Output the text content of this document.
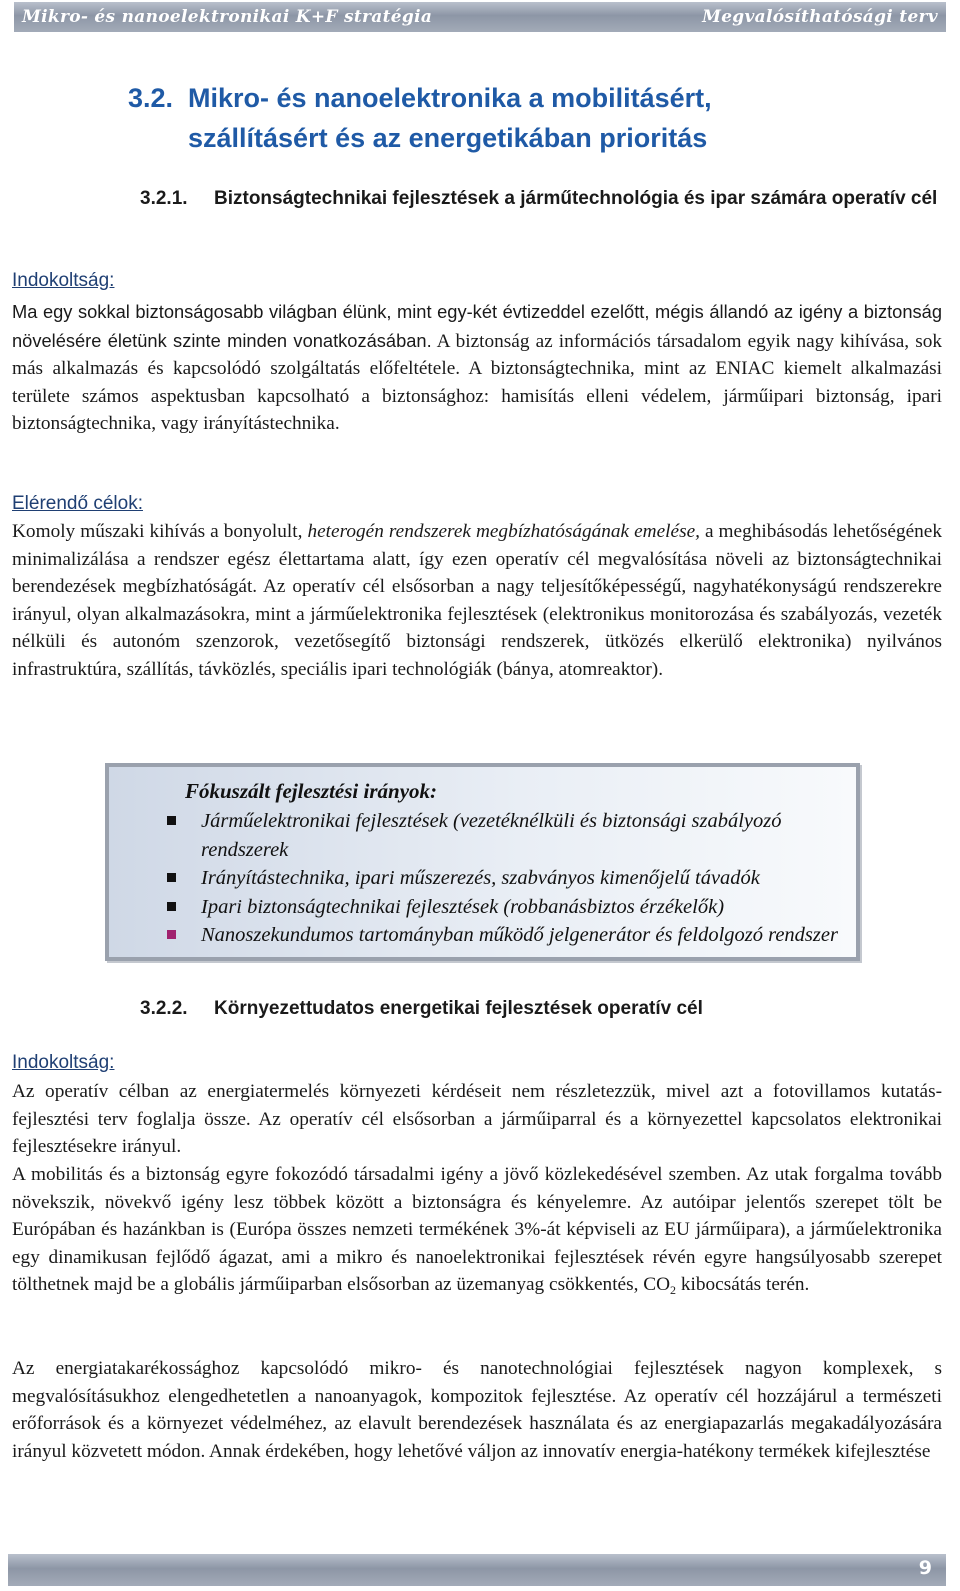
Mikro- és nanoelektronikai K+F stratégia	Megvalósíthatósági terv
3.2. Mikro- és nanoelektronika a mobilitásért,
szállításért és az energetikában prioritás
3.2.1. Biztonságtechnikai fejlesztések a járműtechnológia és ipar számára operatív cél
Indokoltság:

Ma egy sokkal biztonságosabb világban élünk, mint egy-két évtizeddel ezelőtt, mégis állandó az igény a biztonság növelésére életünk szinte minden vonatkozásában. A biztonság az információs társadalom egyik nagy kihívása, sok más alkalmazás és kapcsolódó szolgáltatás előfeltétele. A biztonságtechnika, mint az ENIAC kiemelt alkalmazási területe számos aspektusban kapcsolható a biztonsághoz: hamisítás elleni védelem, járműipari biztonság, ipari biztonságtechnika, vagy irányítástechnika.

Elérendő célok:

Komoly műszaki kihívás a bonyolult, heterogén rendszerek megbízhatóságának emelése, a meghibásodás lehetőségének minimalizálása a rendszer egész élettartama alatt, így ezen operatív cél megvalósítása növeli az biztonságtechnikai berendezések megbízhatóságát. Az operatív cél elsősorban a nagy teljesítőképességű, nagyhatékonyságú rendszerekre irányul, olyan alkalmazásokra, mint a járműelektronika fejlesztések (elektronikus monitorozása és szabályozás, vezeték nélküli és autonóm szenzorok, vezetősegítő biztonsági rendszerek, ütközés elkerülő elektronika) nyilvános infrastruktúra, szállítás, távközlés, speciális ipari technológiák (bánya, atomreaktor).

Fókuszált fejlesztési irányok:
Járműelektronikai fejlesztések (vezetéknélküli és biztonsági szabályozó rendszerek
Irányítástechnika, ipari műszerezés, szabványos kimenőjelű távadók
Ipari biztonságtechnikai fejlesztések (robbanásbiztos érzékelők)
Nanoszekundumos tartományban működő jelgenerátor és feldolgozó rendszer
3.2.2. Környezettudatos energetikai fejlesztések operatív cél
Indokoltság:

Az operatív célban az energiatermelés környezeti kérdéseit nem részletezzük, mivel azt a fotovillamos kutatás-fejlesztési terv foglalja össze. Az operatív cél elsősorban a járműiparral és a környezettel kapcsolatos elektronikai fejlesztésekre irányul.

A mobilitás és a biztonság egyre fokozódó társadalmi igény a jövő közlekedésével szemben. Az utak forgalma tovább növekszik, növekvő igény lesz többek között a biztonságra és kényelemre. Az autóipar jelentős szerepet tölt be Európában és hazánkban is (Európa összes nemzeti termékének 3%-át képviseli az EU járműipara), a járműelektronika egy dinamikusan fejlődő ágazat, ami a mikro és nanoelektronikai fejlesztések révén egyre hangsúlyosabb szerepet tölthetnek majd be a globális járműiparban elsősorban az üzemanyag csökkentés, $CO_2$ kibocsátás terén.

Az energiatakarékossághoz kapcsolódó mikro- és nanotechnológiai fejlesztések nagyon komplexek, s megvalósításukhoz elengedhetetlen a nanoanyagok, kompozitok fejlesztése. Az operatív cél hozzájárul a természeti erőforrások és a környezet védelméhez, az elavult berendezések használata és az energiapazarlás megakadályozására irányul közvetett módon. Annak érdekében, hogy lehetővé váljon az innovatív energia-hatékony termékek kifejlesztése

9
